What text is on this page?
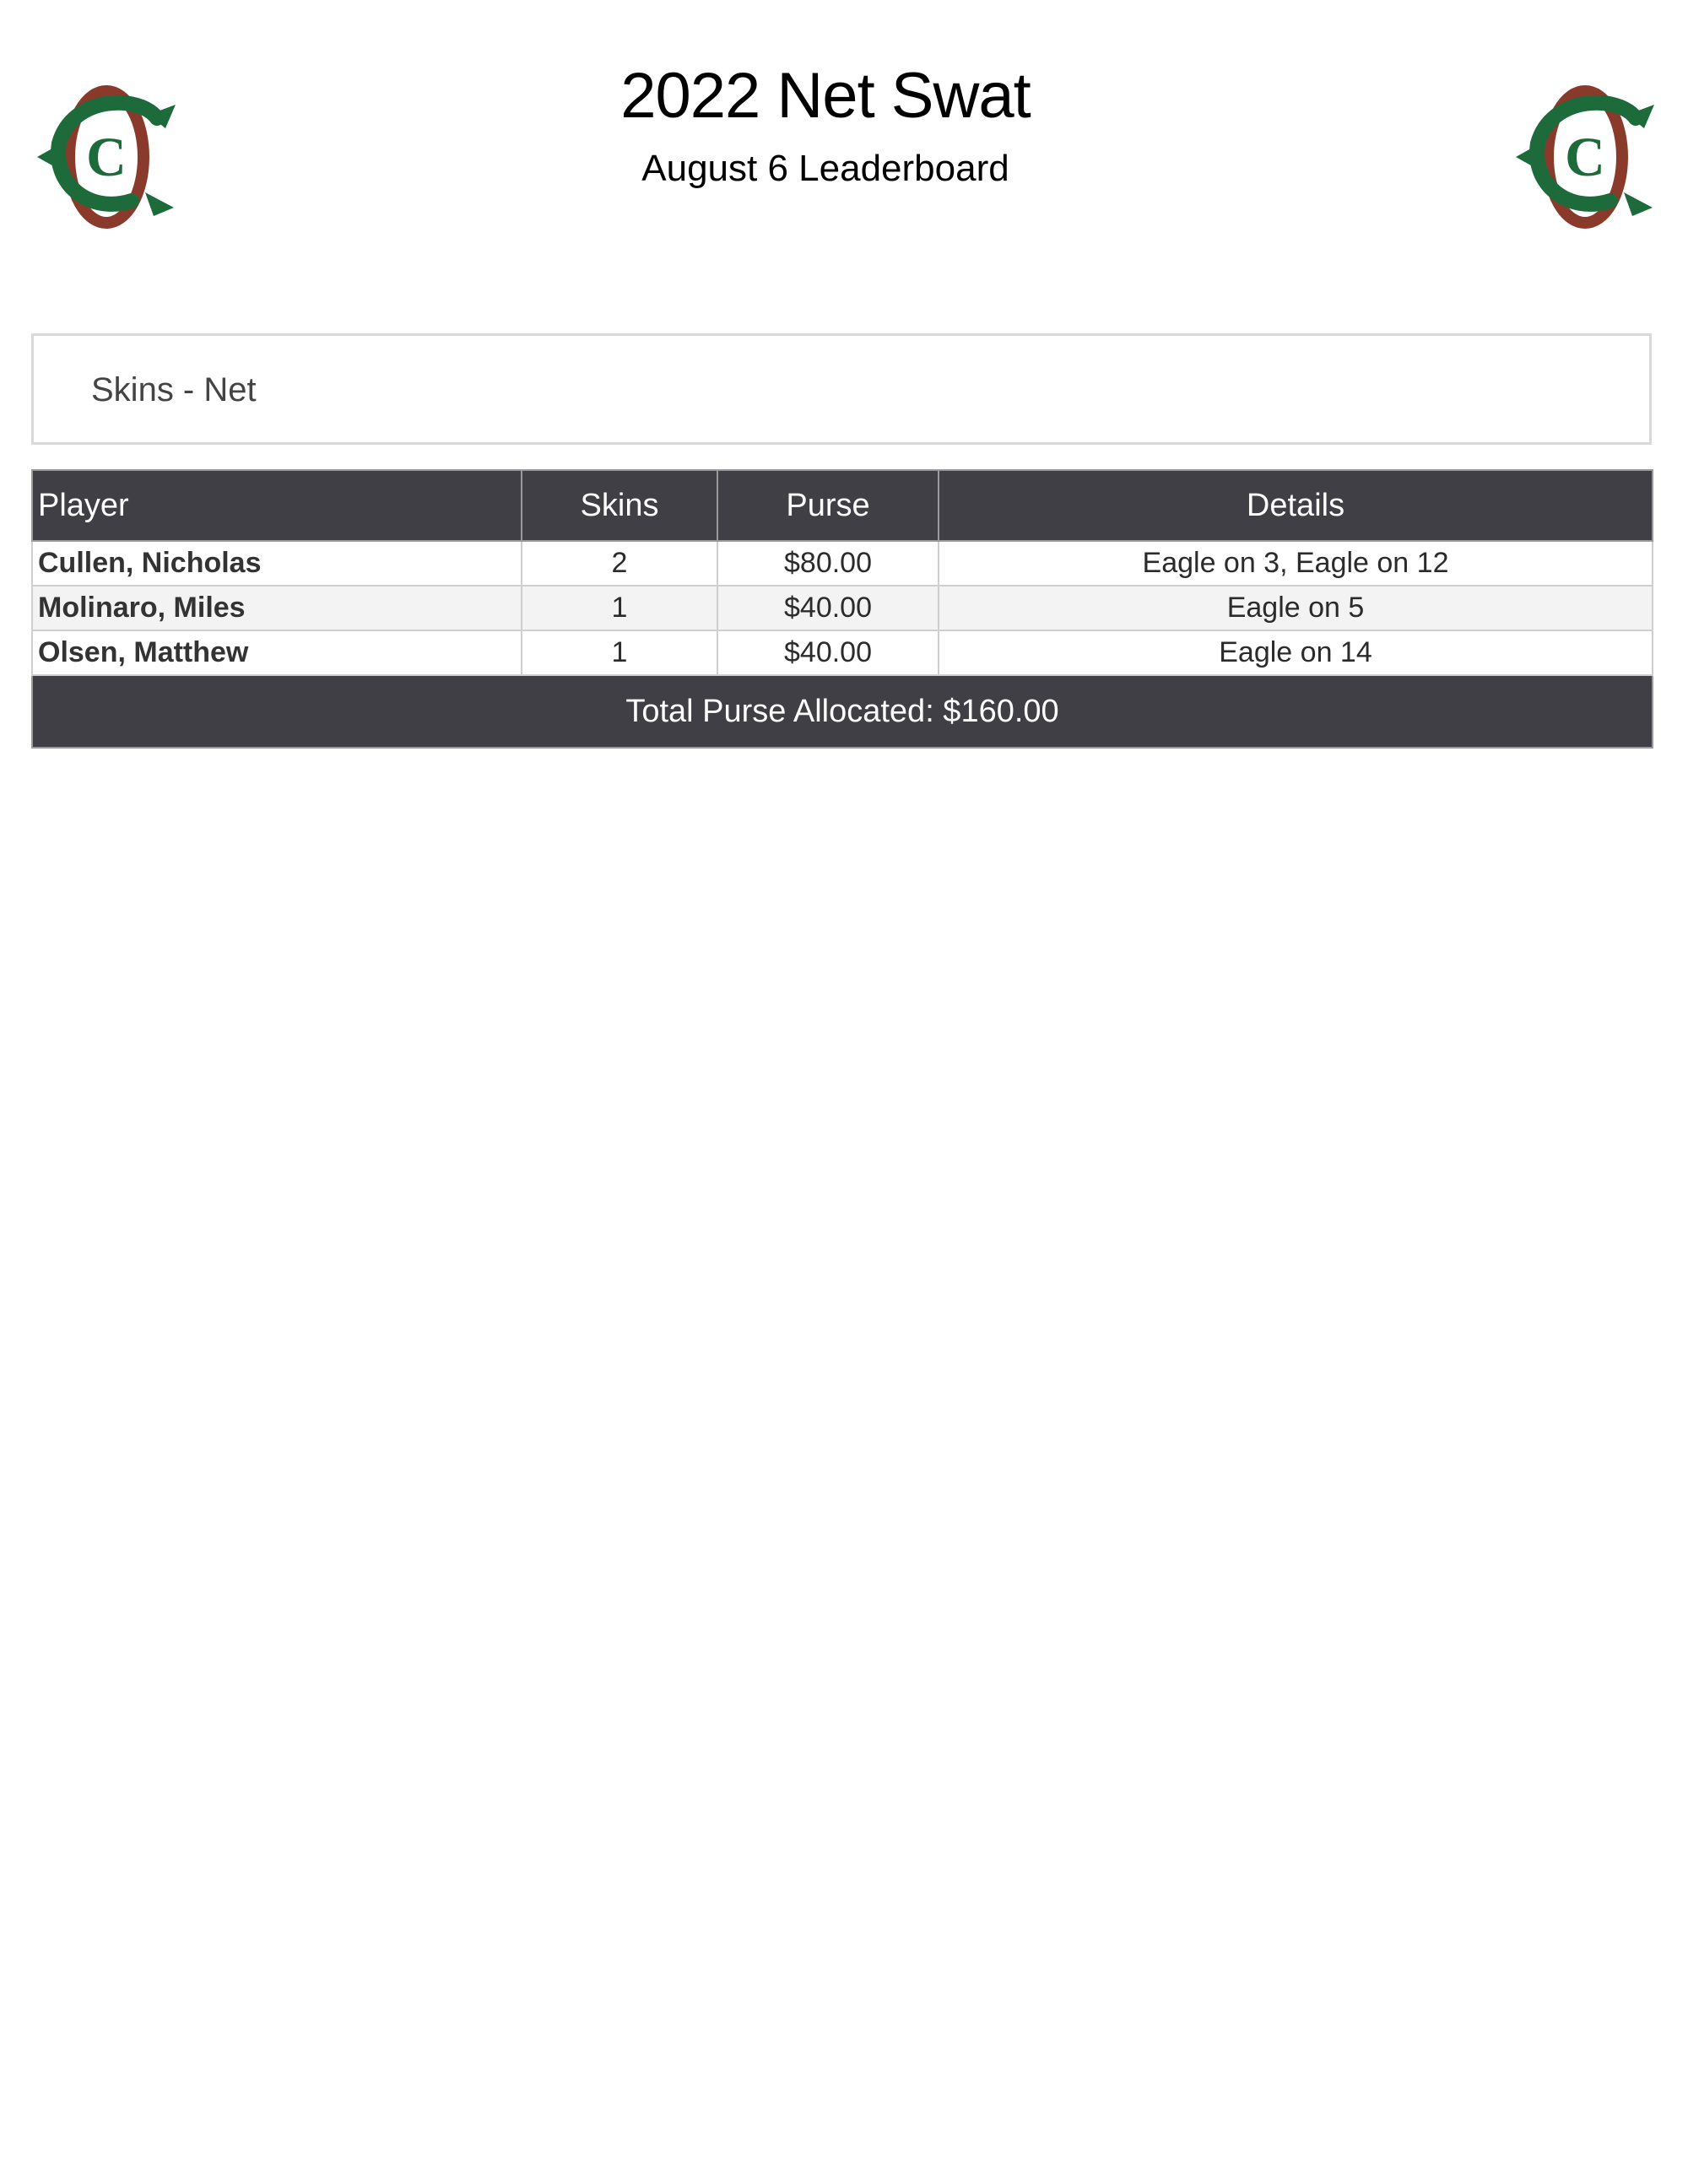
C	C
2022 Net Swat
August 6 Leaderboard
Skins - Net
Player	Skins	Purse	Details
Cullen, Nicholas	2	$80.00	Eagle on 3, Eagle on 12
Molinaro, Miles	1	$40.00	Eagle on 5
Olsen, Matthew	1	$40.00	Eagle on 14
Total Purse Allocated: $160.00			
